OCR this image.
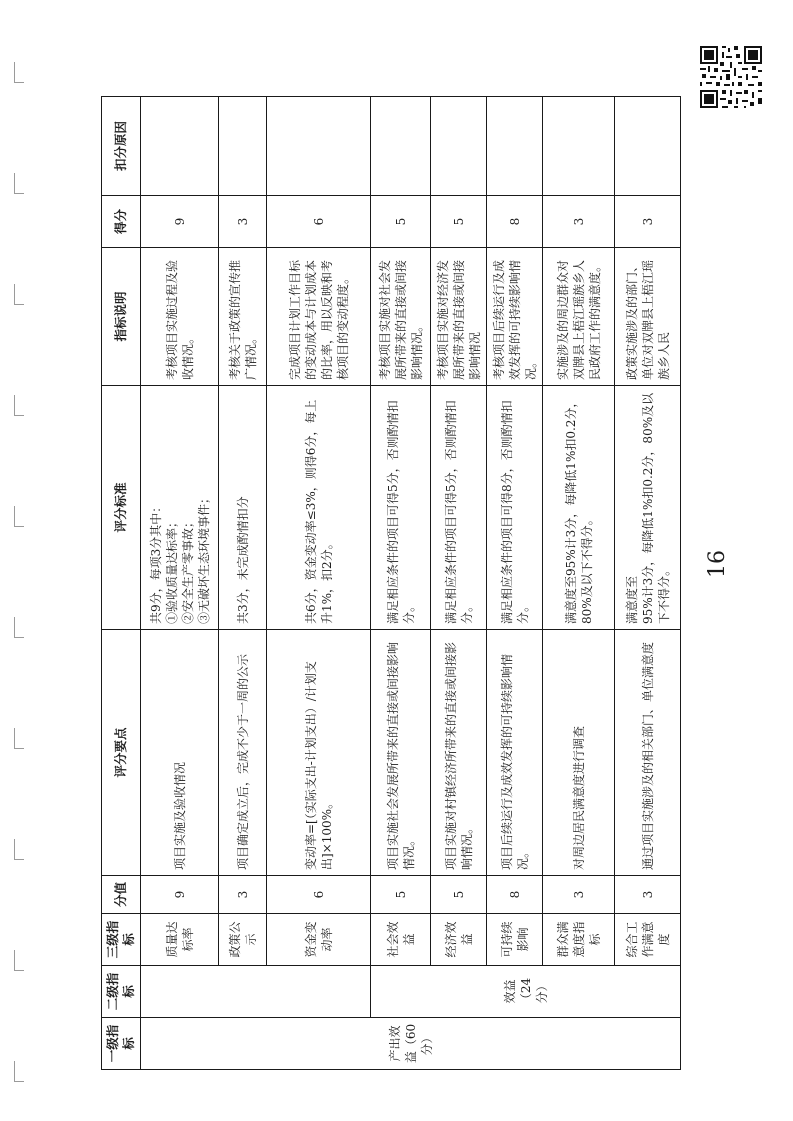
16
一级指标	二级指标	三级指标	分值	评分要点	评分标准	指标说明	得分	扣分原因
产出效益（60分）		质量达标率	9	项目实施及验收情况	共9分，每项3分其中： ①验收质量达标率； ②安全生产零事故； ③无破坏生态环境事件；	考核项目实施过程及验收情况。	9	
		政策公示	3	项目确定成立后，完成不少于一周的公示	共3分，未完成酌情扣分	考核关于政策的宣传推广情况。	3	
		资金变动率	6	变动率=[（实际支出-计划支出）/计划支出]×100%。	共6分，资金变动率≤3%，则得6分，每上升1%，扣2分。	完成项目计划工作目标的变动成本与计划成本的比率，用以反映和考核项目的变动程度。	6	
	效益（24分）	社会效益	5	项目实施社会发展所带来的直接或间接影响情况。	满足相应条件的项目可得5分，否则酌情扣分。	考核项目实施对社会发展所带来的直接或间接影响情况。	5	
		经济效益	5	项目实施对村镇经济所带来的直接或间接影响情况。	满足相应条件的项目可得5分，否则酌情扣分。	考核项目实施对经济发展所带来的直接或间接影响情况	5	
		可持续影响	8	项目后续运行及成效发挥的可持续影响情况。	满足相应条件的项目可得8分，否则酌情扣分。	考核项目后续运行及成效发挥的可持续影响情况。	8	
		群众满意度指标	3	对周边居民满意度进行调查	满意度至95%计3分，每降低1%扣0.2分，80%及以下不得分。	实施涉及的周边群众对双牌县上梧江瑶族乡人民政府工作的满意度。	3	
		综合工作满意度	3	通过项目实施涉及的相关部门、单位满意度	满意度至 95%计3分，每降低1%扣0.2分，80%及以下不得分。	政策实施涉及的部门、单位对双牌县上梧江瑶族乡人民	3	
